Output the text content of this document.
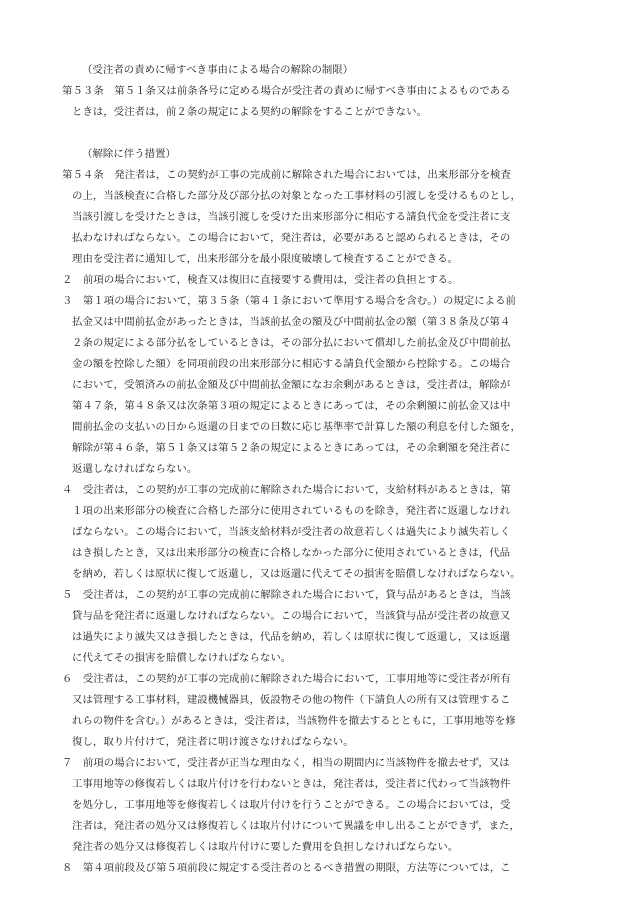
（受注者の責めに帰すべき事由による場合の解除の制限）
第５３条　第５１条又は前条各号に定める場合が受注者の責めに帰すべき事由によるものである
ときは，受注者は，前２条の規定による契約の解除をすることができない。
（解除に伴う措置）
第５４条　発注者は，この契約が工事の完成前に解除された場合においては，出来形部分を検査
の上，当該検査に合格した部分及び部分払の対象となった工事材料の引渡しを受けるものとし，
当該引渡しを受けたときは，当該引渡しを受けた出来形部分に相応する請負代金を受注者に支
払わなければならない。この場合において，発注者は，必要があると認められるときは，その
理由を受注者に通知して，出来形部分を最小限度破壊して検査することができる。
２　前項の場合において，検査又は復旧に直接要する費用は，受注者の負担とする。
３　第１項の場合において，第３５条（第４１条において準用する場合を含む。）の規定による前
払金又は中間前払金があったときは，当該前払金の額及び中間前払金の額（第３８条及び第４
２条の規定による部分払をしているときは，その部分払において償却した前払金及び中間前払
金の額を控除した額）を同項前段の出来形部分に相応する請負代金額から控除する。この場合
において，受領済みの前払金額及び中間前払金額になお余剰があるときは，受注者は，解除が
第４７条，第４８条又は次条第３項の規定によるときにあっては，その余剰額に前払金又は中
間前払金の支払いの日から返還の日までの日数に応じ基準率で計算した額の利息を付した額を，
解除が第４６条，第５１条又は第５２条の規定によるときにあっては，その余剰額を発注者に
返還しなければならない。
４　受注者は，この契約が工事の完成前に解除された場合において，支給材料があるときは，第
１項の出来形部分の検査に合格した部分に使用されているものを除き，発注者に返還しなけれ
ばならない。この場合において，当該支給材料が受注者の故意若しくは過失により滅失若しく
はき損したとき，又は出来形部分の検査に合格しなかった部分に使用されているときは，代品
を納め，若しくは原状に復して返還し，又は返還に代えてその損害を賠償しなければならない。
５　受注者は，この契約が工事の完成前に解除された場合において，貸与品があるときは，当該
貸与品を発注者に返還しなければならない。この場合において，当該貸与品が受注者の故意又
は過失により滅失又はき損したときは，代品を納め，若しくは原状に復して返還し，又は返還
に代えてその損害を賠償しなければならない。
６　受注者は，この契約が工事の完成前に解除された場合において，工事用地等に受注者が所有
又は管理する工事材料，建設機械器具，仮設物その他の物件（下請負人の所有又は管理するこ
れらの物件を含む。）があるときは，受注者は，当該物件を撤去するとともに，工事用地等を修
復し，取り片付けて，発注者に明け渡さなければならない。
７　前項の場合において，受注者が正当な理由なく，相当の期間内に当該物件を撤去せず，又は
工事用地等の修復若しくは取片付けを行わないときは，発注者は，受注者に代わって当該物件
を処分し，工事用地等を修復若しくは取片付けを行うことができる。この場合においては，受
注者は，発注者の処分又は修復若しくは取片付けについて異議を申し出ることができず，また，
発注者の処分又は修復若しくは取片付けに要した費用を負担しなければならない。
８　第４項前段及び第５項前段に規定する受注者のとるべき措置の期限，方法等については，こ
